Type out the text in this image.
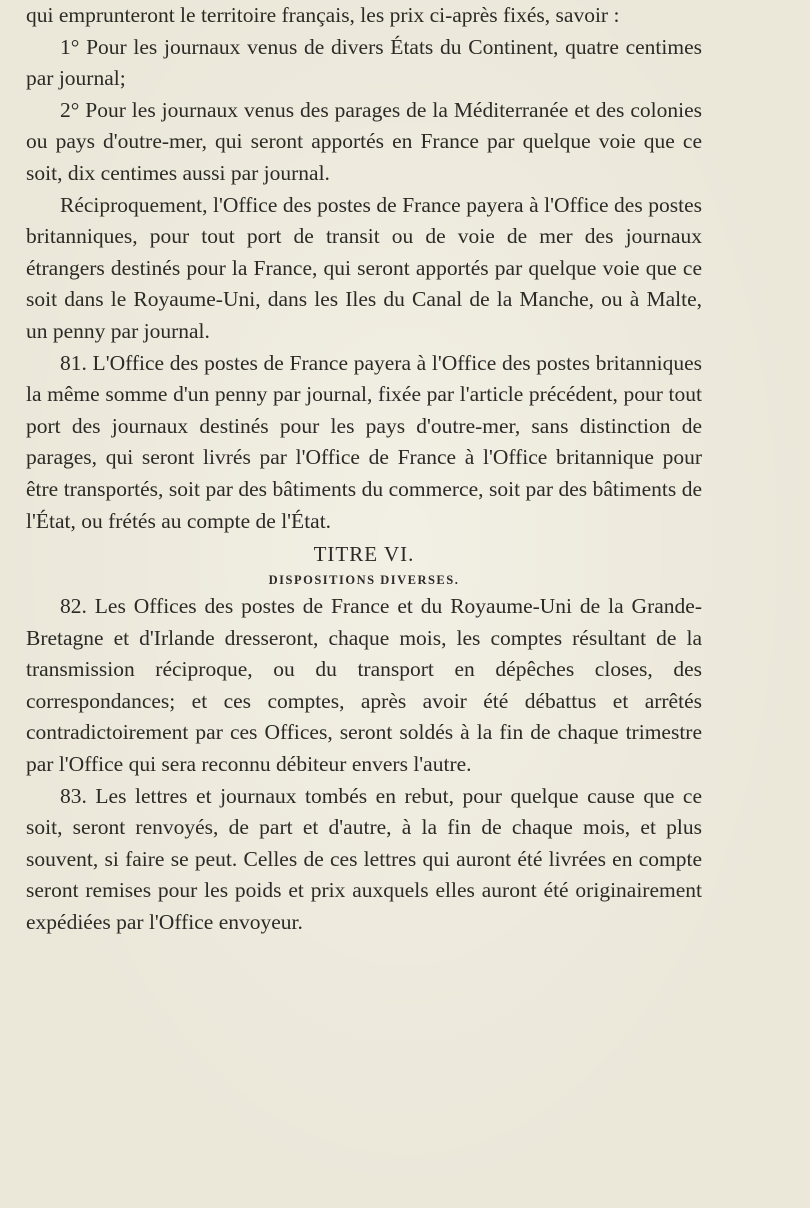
qui emprunteront le territoire français, les prix ci-après fixés, savoir :

1° Pour les journaux venus de divers États du Continent, quatre centimes par journal;

2° Pour les journaux venus des parages de la Méditerranée et des colonies ou pays d'outre-mer, qui seront apportés en France par quelque voie que ce soit, dix centimes aussi par journal.

Réciproquement, l'Office des postes de France payera à l'Office des postes britanniques, pour tout port de transit ou de voie de mer des journaux étrangers destinés pour la France, qui seront apportés par quelque voie que ce soit dans le Royaume-Uni, dans les Iles du Canal de la Manche, ou à Malte, un penny par journal.

81. L'Office des postes de France payera à l'Office des postes britanniques la même somme d'un penny par journal, fixée par l'article précédent, pour tout port des journaux destinés pour les pays d'outre-mer, sans distinction de parages, qui seront livrés par l'Office de France à l'Office britannique pour être transportés, soit par des bâtiments du commerce, soit par des bâtiments de l'État, ou frétés au compte de l'État.

TITRE VI.
DISPOSITIONS DIVERSES.

82. Les Offices des postes de France et du Royaume-Uni de la Grande-Bretagne et d'Irlande dresseront, chaque mois, les comptes résultant de la transmission réciproque, ou du transport en dépêches closes, des correspondances; et ces comptes, après avoir été débattus et arrêtés contradictoirement par ces Offices, seront soldés à la fin de chaque trimestre par l'Office qui sera reconnu débiteur envers l'autre.

83. Les lettres et journaux tombés en rebut, pour quelque cause que ce soit, seront renvoyés, de part et d'autre, à la fin de chaque mois, et plus souvent, si faire se peut. Celles de ces lettres qui auront été livrées en compte seront remises pour les poids et prix auxquels elles auront été originairement expédiées par l'Office envoyeur.
